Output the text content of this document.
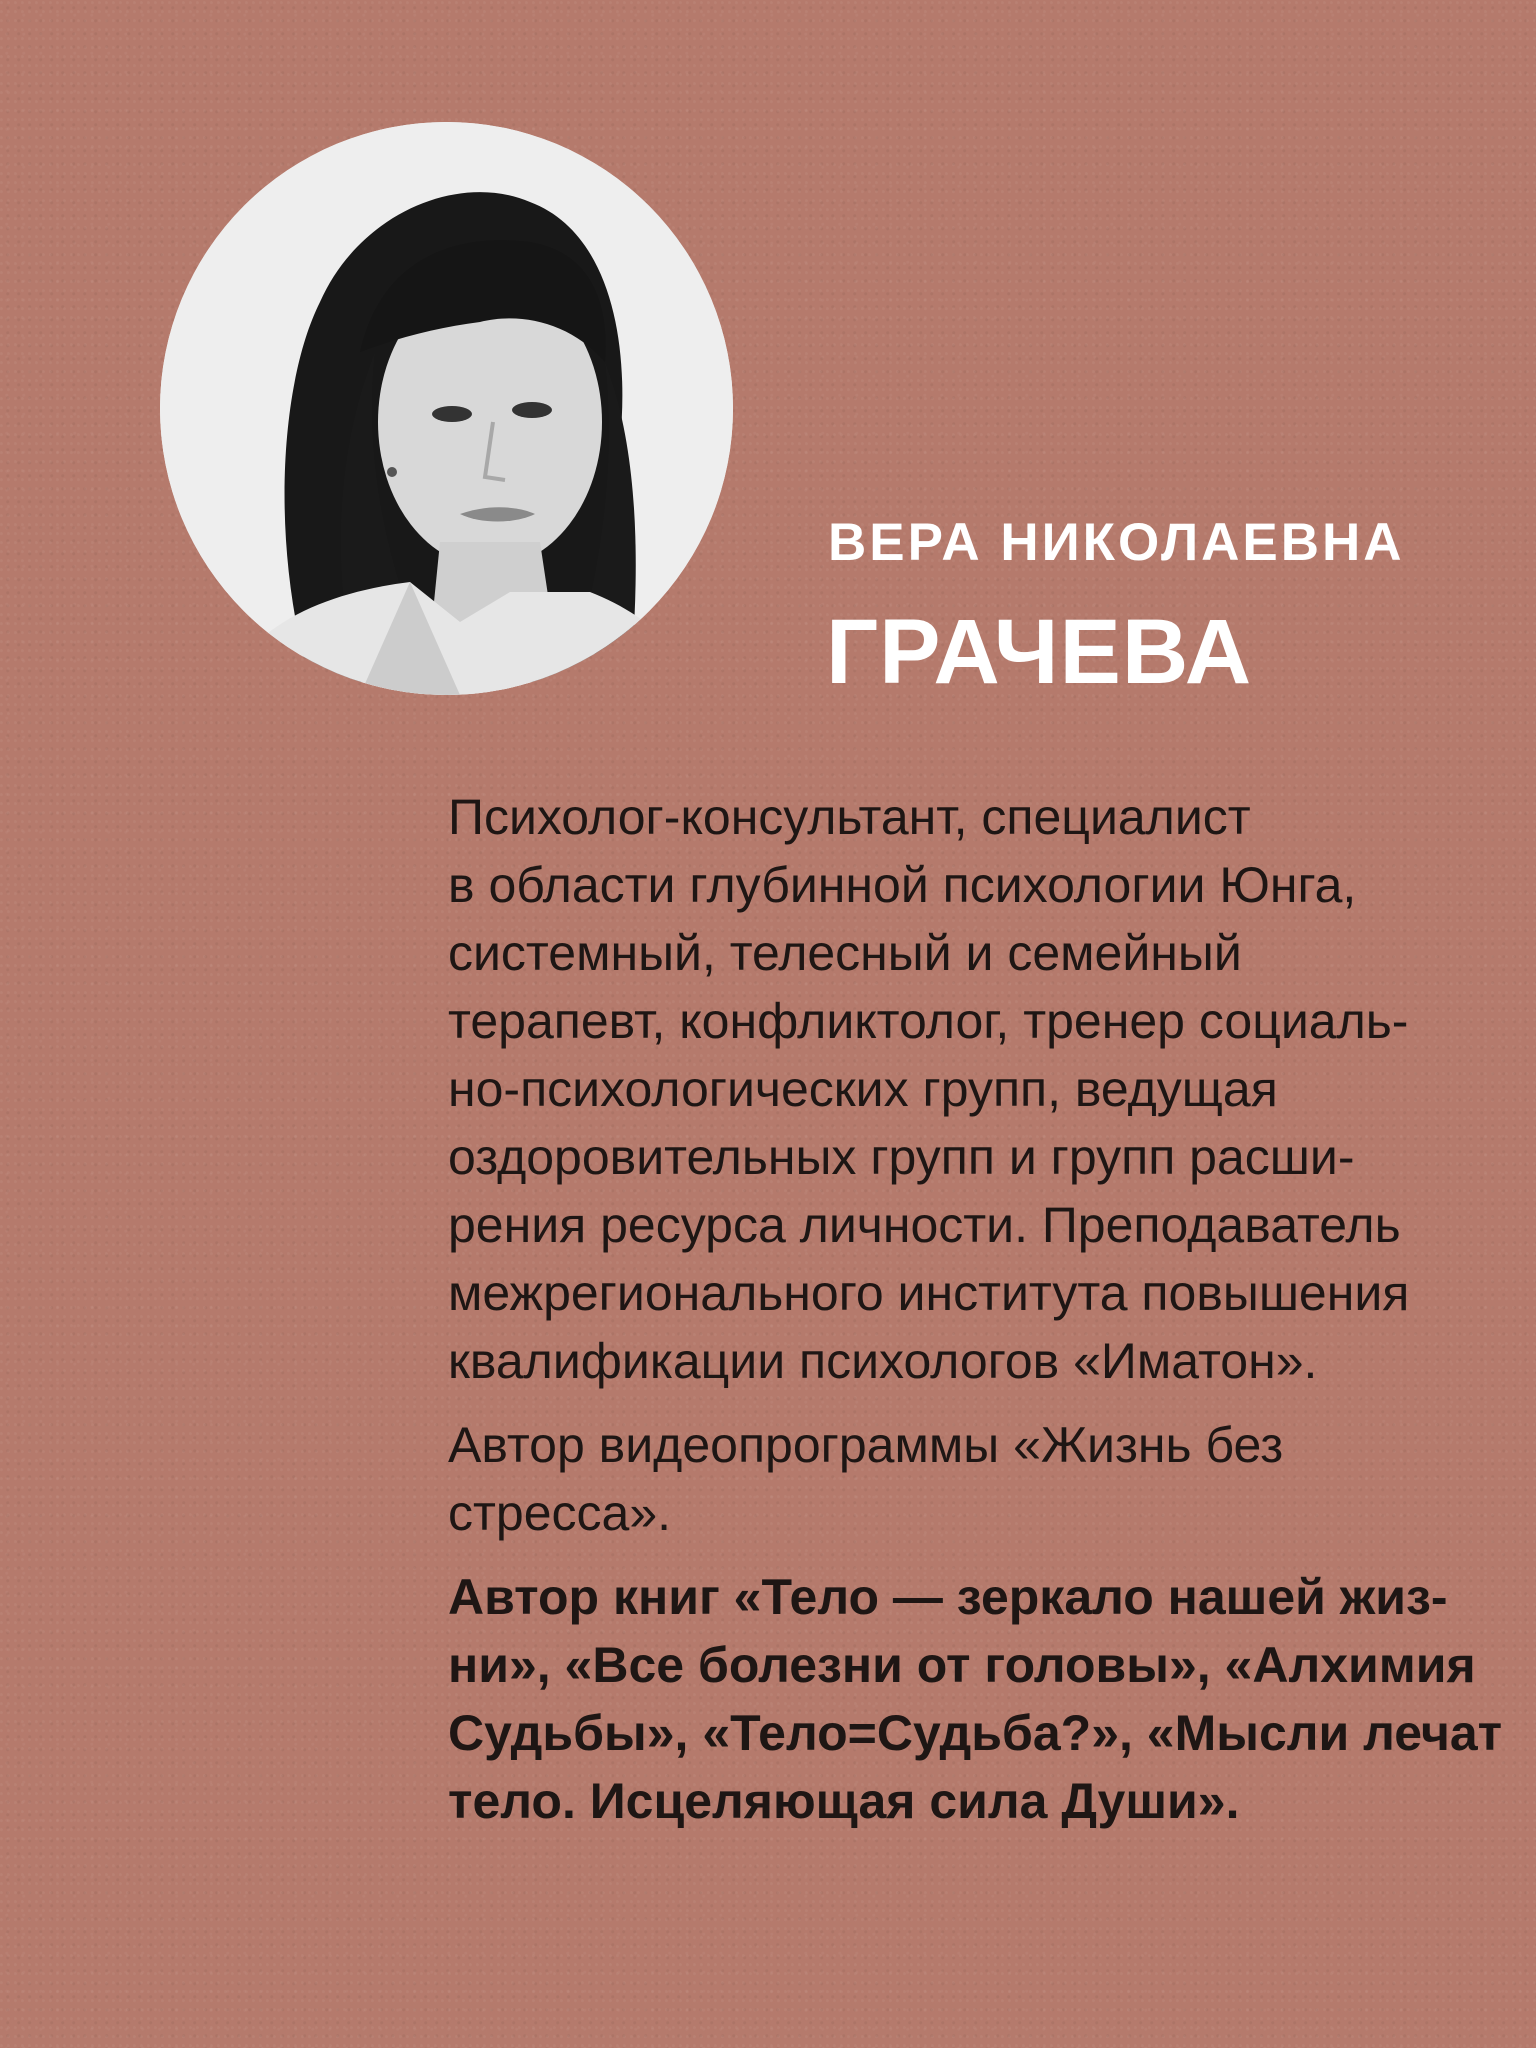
ВЕРА НИКОЛАЕВНА
ГРАЧЕВА

Психолог-консультант, специалист
в области глубинной психологии Юнга,
системный, телесный и семейный
терапевт, конфликтолог, тренер социаль-
но-психологических групп, ведущая
оздоровительных групп и групп расши-
рения ресурса личности. Преподаватель
межрегионального института повышения
квалификации психологов «Иматон».

Автор видеопрограммы «Жизнь без
стресса».

Автор книг «Тело — зеркало нашей жиз-
ни», «Все болезни от головы», «Алхимия
Судьбы», «Тело=Судьба?», «Мысли лечат
тело. Исцеляющая сила Души».
